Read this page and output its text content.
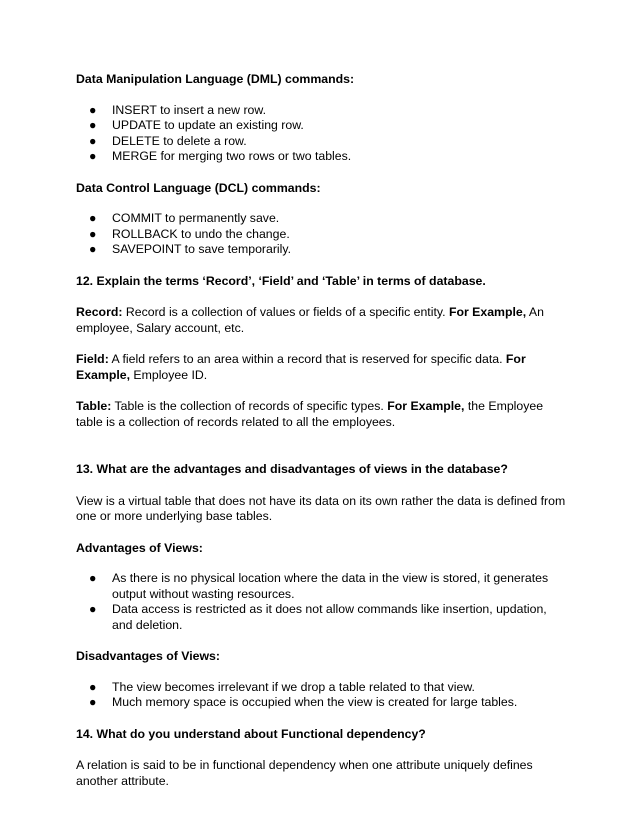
Data Manipulation Language (DML) commands:

● INSERT to insert a new row.
● UPDATE to update an existing row.
● DELETE to delete a row.
● MERGE for merging two rows or two tables.

Data Control Language (DCL) commands:

● COMMIT to permanently save.
● ROLLBACK to undo the change.
● SAVEPOINT to save temporarily.

12. Explain the terms ‘Record’, ‘Field’ and ‘Table’ in terms of database.

Record: Record is a collection of values or fields of a specific entity. For Example, An employee, Salary account, etc.

Field: A field refers to an area within a record that is reserved for specific data. For Example, Employee ID.

Table: Table is the collection of records of specific types. For Example, the Employee table is a collection of records related to all the employees.

13. What are the advantages and disadvantages of views in the database?

View is a virtual table that does not have its data on its own rather the data is defined from one or more underlying base tables.

Advantages of Views:

● As there is no physical location where the data in the view is stored, it generates output without wasting resources.
● Data access is restricted as it does not allow commands like insertion, updation, and deletion.

Disadvantages of Views:

● The view becomes irrelevant if we drop a table related to that view.
● Much memory space is occupied when the view is created for large tables.

14. What do you understand about Functional dependency?

A relation is said to be in functional dependency when one attribute uniquely defines another attribute.
